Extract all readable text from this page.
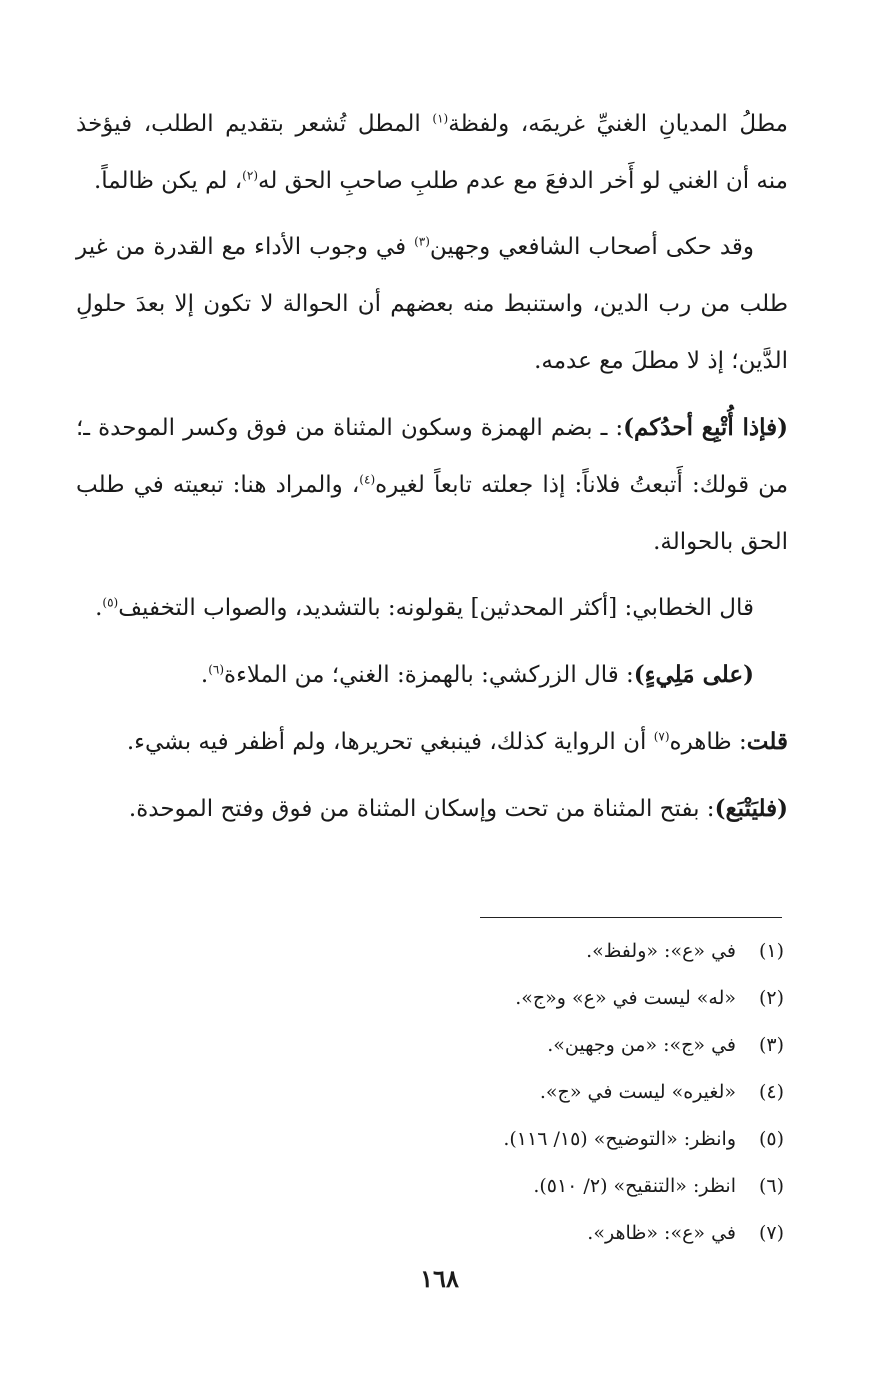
مطلُ المديانِ الغنيِّ غريمَه، ولفظة$^{(١)}$ المطل تُشعر بتقديم الطلب، فيؤخذ منه أن الغني لو أَخر الدفعَ مع عدم طلبِ صاحبِ الحق له$^{(٢)}$، لم يكن ظالماً.

وقد حكى أصحاب الشافعي وجهين$^{(٣)}$ في وجوب الأداء مع القدرة من غير طلب من رب الدين، واستنبط منه بعضهم أن الحوالة لا تكون إلا بعدَ حلولِ الدَّين؛ إذ لا مطلَ مع عدمه.

(فإذا أُتْبِع أحدُكم): ـ بضم الهمزة وسكون المثناة من فوق وكسر الموحدة ـ؛ من قولك: أَتبعتُ فلاناً: إذا جعلته تابعاً لغيره$^{(٤)}$، والمراد هنا: تبعيته في طلب الحق بالحوالة.

قال الخطابي: [أكثر المحدثين] يقولونه: بالتشديد، والصواب التخفيف$^{(٥)}$.

(على مَلِيءٍ): قال الزركشي: بالهمزة: الغني؛ من الملاءة$^{(٦)}$.

قلت: ظاهره$^{(٧)}$ أن الرواية كذلك، فينبغي تحريرها، ولم أظفر فيه بشيء.

(فليَتْبَع): بفتح المثناة من تحت وإسكان المثناة من فوق وفتح الموحدة.

(١)في «ع»: «ولفظ».
(٢)«له» ليست في «ع» و«ج».
(٣)في «ج»: «من وجهين».
(٤)«لغيره» ليست في «ج».
(٥)وانظر: «التوضيح» (١٥/ ١١٦).
(٦)انظر: «التنقيح» (٢/ ٥١٠).
(٧)في «ع»: «ظاهر».
١٦٨
